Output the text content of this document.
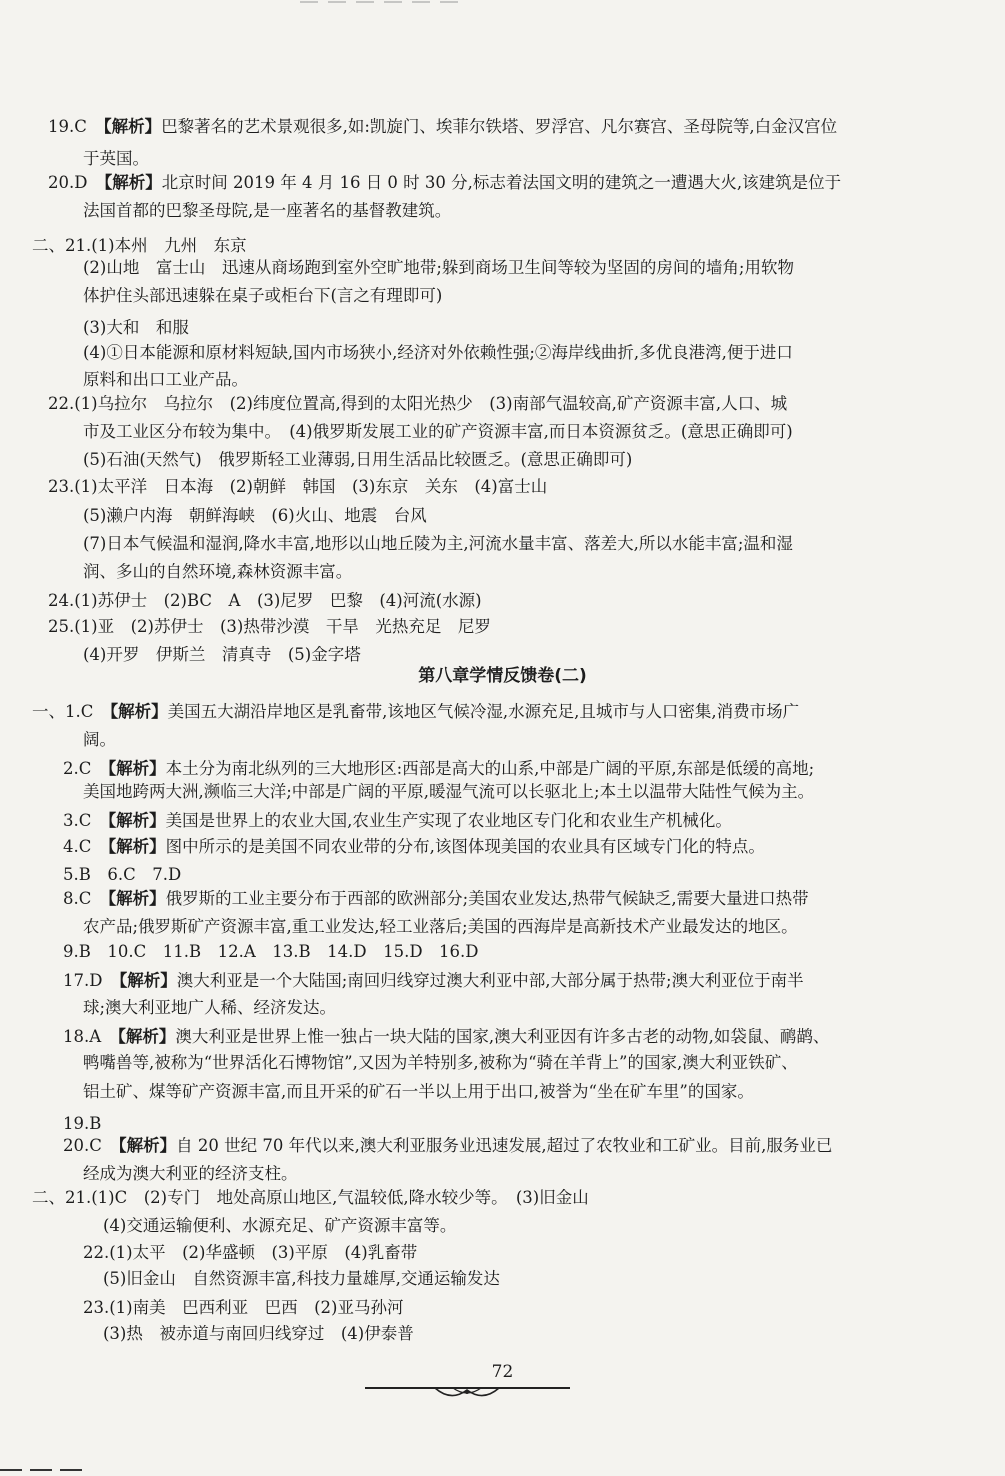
19.C　【解析】巴黎著名的艺术景观很多,如:凯旋门、埃菲尔铁塔、罗浮宫、凡尔赛宫、圣母院等,白金汉宫位
于英国。
20.D　【解析】北京时间 2019 年 4 月 16 日 0 时 30 分,标志着法国文明的建筑之一遭遇大火,该建筑是位于
法国首都的巴黎圣母院,是一座著名的基督教建筑。
二、21.(1)本州　九州　东京
(2)山地　富士山　迅速从商场跑到室外空旷地带;躲到商场卫生间等较为坚固的房间的墙角;用软物
体护住头部迅速躲在桌子或柜台下(言之有理即可)
(3)大和　和服
(4)①日本能源和原材料短缺,国内市场狭小,经济对外依赖性强;②海岸线曲折,多优良港湾,便于进口
原料和出口工业产品。
22.(1)乌拉尔　乌拉尔　(2)纬度位置高,得到的太阳光热少　(3)南部气温较高,矿产资源丰富,人口、城
市及工业区分布较为集中。　(4)俄罗斯发展工业的矿产资源丰富,而日本资源贫乏。(意思正确即可)
(5)石油(天然气)　俄罗斯轻工业薄弱,日用生活品比较匮乏。(意思正确即可)
23.(1)太平洋　日本海　(2)朝鲜　韩国　(3)东京　关东　(4)富士山
(5)濑户内海　朝鲜海峡　(6)火山、地震　台风
(7)日本气候温和湿润,降水丰富,地形以山地丘陵为主,河流水量丰富、落差大,所以水能丰富;温和湿
润、多山的自然环境,森林资源丰富。
24.(1)苏伊士　(2)BC　A　(3)尼罗　巴黎　(4)河流(水源)
25.(1)亚　(2)苏伊士　(3)热带沙漠　干旱　光热充足　尼罗
(4)开罗　伊斯兰　清真寺　(5)金字塔
一、1.C　【解析】美国五大湖沿岸地区是乳畜带,该地区气候冷湿,水源充足,且城市与人口密集,消费市场广
阔。
2.C　【解析】本土分为南北纵列的三大地形区:西部是高大的山系,中部是广阔的平原,东部是低缓的高地;
美国地跨两大洲,濒临三大洋;中部是广阔的平原,暖湿气流可以长驱北上;本土以温带大陆性气候为主。
3.C　【解析】美国是世界上的农业大国,农业生产实现了农业地区专门化和农业生产机械化。
4.C　【解析】图中所示的是美国不同农业带的分布,该图体现美国的农业具有区域专门化的特点。
5.B　6.C　7.D
8.C　【解析】俄罗斯的工业主要分布于西部的欧洲部分;美国农业发达,热带气候缺乏,需要大量进口热带
农产品;俄罗斯矿产资源丰富,重工业发达,轻工业落后;美国的西海岸是高新技术产业最发达的地区。
9.B　10.C　11.B　12.A　13.B　14.D　15.D　16.D
17.D　【解析】澳大利亚是一个大陆国;南回归线穿过澳大利亚中部,大部分属于热带;澳大利亚位于南半
球;澳大利亚地广人稀、经济发达。
18.A　【解析】澳大利亚是世界上惟一独占一块大陆的国家,澳大利亚因有许多古老的动物,如袋鼠、鸸鹋、
鸭嘴兽等,被称为“世界活化石博物馆”,又因为羊特别多,被称为“骑在羊背上”的国家,澳大利亚铁矿、
铝土矿、煤等矿产资源丰富,而且开采的矿石一半以上用于出口,被誉为“坐在矿车里”的国家。
19.B
20.C　【解析】自 20 世纪 70 年代以来,澳大利亚服务业迅速发展,超过了农牧业和工矿业。目前,服务业已
经成为澳大利亚的经济支柱。
二、21.(1)C　(2)专门　地处高原山地区,气温较低,降水较少等。　(3)旧金山
(4)交通运输便利、水源充足、矿产资源丰富等。
22.(1)太平　(2)华盛顿　(3)平原　(4)乳畜带
(5)旧金山　自然资源丰富,科技力量雄厚,交通运输发达
23.(1)南美　巴西利亚　巴西　(2)亚马孙河
(3)热　被赤道与南回归线穿过　(4)伊泰普
第八章学情反馈卷(二)
72
